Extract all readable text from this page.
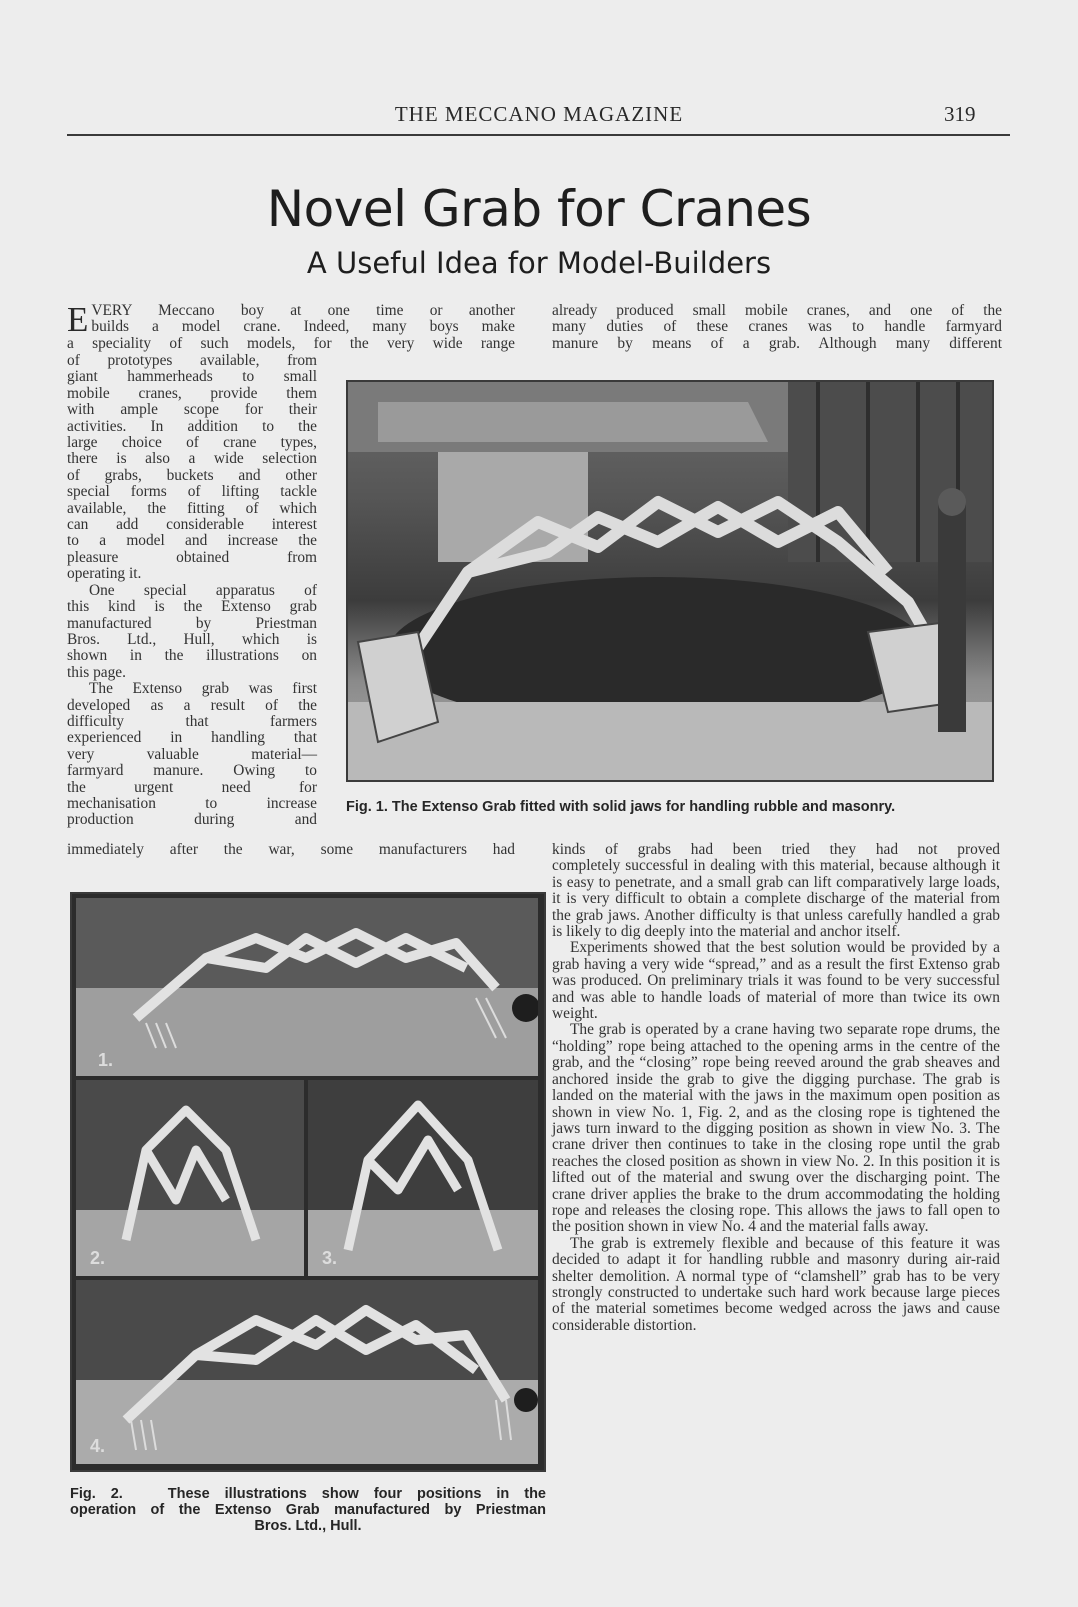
THE MECCANO MAGAZINE	319
Novel Grab for Cranes
A Useful Idea for Model-Builders
E VERY Meccano boy at one time or another
builds a model crane. Indeed, many boys make
a speciality of such models, for the very wide range
of prototypes available, from
giant hammerheads to small
mobile cranes, provide them
with ample scope for their
activities. In addition to the
large choice of crane types,
there is also a wide selection
of grabs, buckets and other
special forms of lifting tackle
available, the fitting of which
can add considerable interest
to a model and increase the
pleasure obtained from
operating it.
One special apparatus of
this kind is the Extenso grab
manufactured by Priestman
Bros. Ltd., Hull, which is
shown in the illustrations on
this page.
The Extenso grab was first
developed as a result of the
difficulty that farmers
experienced in handling that
very valuable material—
farmyard manure. Owing to
the urgent need for
mechanisation to increase
production during and
immediately after the war, some manufacturers had
already produced small mobile cranes, and one of the
many duties of these cranes was to handle farmyard
manure by means of a grab. Although many different
Fig. 1. The Extenso Grab fitted with solid jaws for handling rubble and masonry.
kinds of grabs had been tried they had not proved

completely successful in dealing with this material, because although it is easy to penetrate, and a small grab can lift comparatively large loads, it is very difficult to obtain a complete discharge of the material from the grab jaws. Another difficulty is that unless carefully handled a grab is likely to dig deeply into the material and anchor itself.

Experiments showed that the best solution would be provided by a grab having a very wide “spread,” and as a result the first Extenso grab was produced. On preliminary trials it was found to be very successful and was able to handle loads of material of more than twice its own weight.

The grab is operated by a crane having two separate rope drums, the “holding” rope being attached to the opening arms in the centre of the grab, and the “closing” rope being reeved around the grab sheaves and anchored inside the grab to give the digging purchase. The grab is landed on the material with the jaws in the maximum open position as shown in view No. 1, Fig. 2, and as the closing rope is tightened the jaws turn inward to the digging position as shown in view No. 3. The crane driver then continues to take in the closing rope until the grab reaches the closed position as shown in view No. 2. In this position it is lifted out of the material and swung over the discharging point. The crane driver applies the brake to the drum accommodating the holding rope and releases the closing rope. This allows the jaws to fall open to the position shown in view No. 4 and the material falls away.

The grab is extremely flexible and because of this feature it was decided to adapt it for handling rubble and masonry during air-raid shelter demolition. A normal type of “clamshell” grab has to be very strongly constructed to undertake such hard work because large pieces of the material sometimes become wedged across the jaws and cause considerable distortion.

1.
2.	3.
4.
Fig. 2.   These illustrations show four positions in the
operation of the Extenso Grab manufactured by Priestman
Bros. Ltd., Hull.
